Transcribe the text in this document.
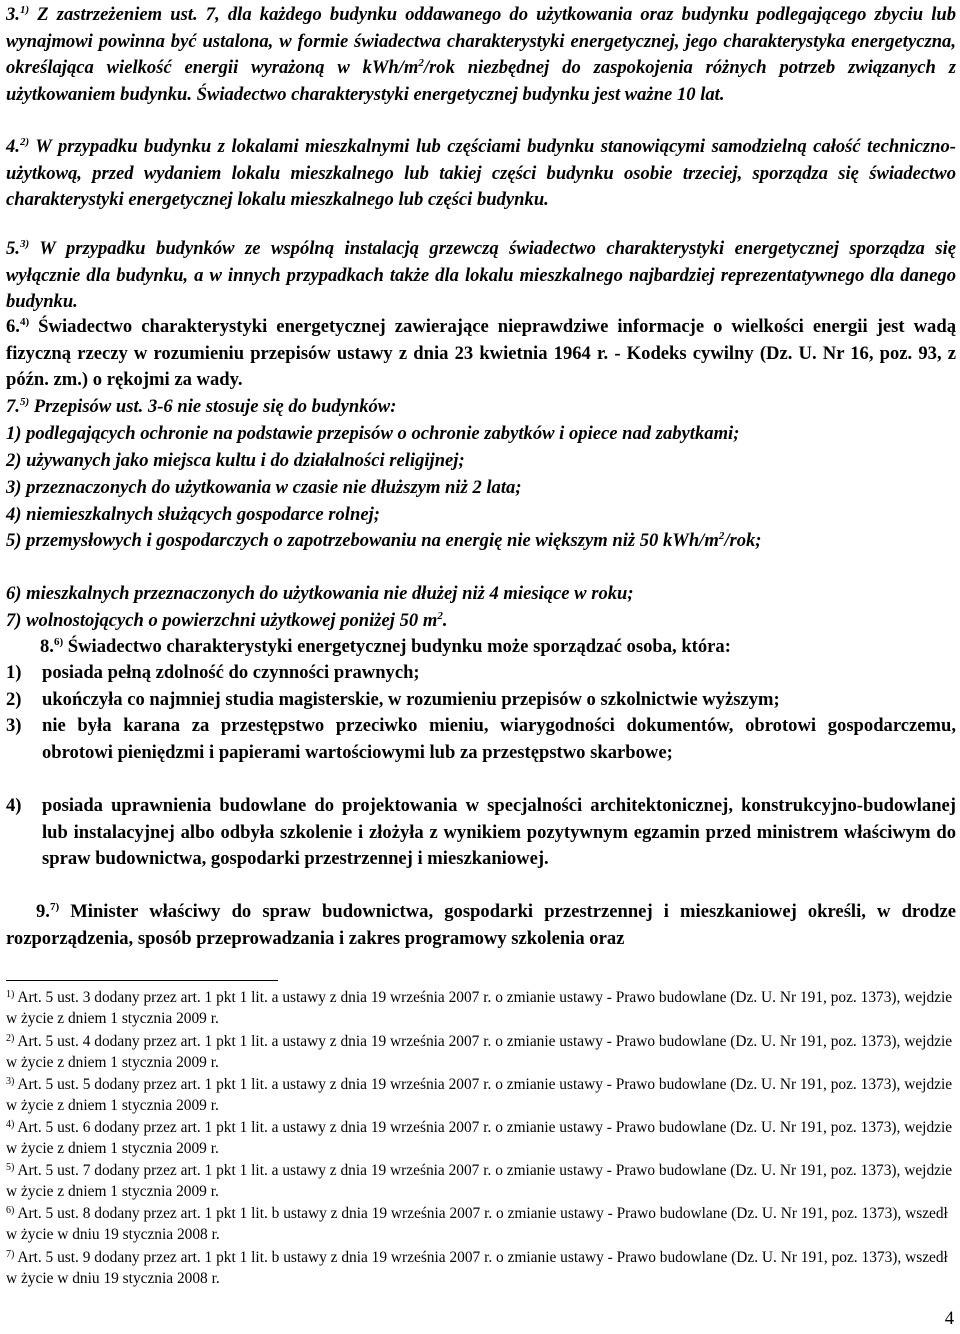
3.$^{1)}$ Z zastrzeżeniem ust. 7, dla każdego budynku oddawanego do użytkowania oraz budynku podlegającego zbyciu lub wynajmowi powinna być ustalona, w formie świadectwa charakterystyki energetycznej, jego charakterystyka energetyczna, określająca wielkość energii wyrażoną w kWh/$m^2$/rok niezbędnej do zaspokojenia różnych potrzeb związanych z użytkowaniem budynku. Świadectwo charakterystyki energetycznej budynku jest ważne 10 lat.

4.$^{2)}$ W przypadku budynku z lokalami mieszkalnymi lub częściami budynku stanowiącymi samodzielną całość techniczno-użytkową, przed wydaniem lokalu mieszkalnego lub takiej części budynku osobie trzeciej, sporządza się świadectwo charakterystyki energetycznej lokalu mieszkalnego lub części budynku.

5.$^{3)}$ W przypadku budynków ze wspólną instalacją grzewczą świadectwo charakterystyki energetycznej sporządza się wyłącznie dla budynku, a w innych przypadkach także dla lokalu mieszkalnego najbardziej reprezentatywnego dla danego budynku.

6.$^{4)}$ Świadectwo charakterystyki energetycznej zawierające nieprawdziwe informacje o wielkości energii jest wadą fizyczną rzeczy w rozumieniu przepisów ustawy z dnia 23 kwietnia 1964 r. - Kodeks cywilny (Dz. U. Nr 16, poz. 93, z późn. zm.) o rękojmi za wady.

7.$^{5)}$ Przepisów ust. 3-6 nie stosuje się do budynków:

1) podlegających ochronie na podstawie przepisów o ochronie zabytków i opiece nad zabytkami;

2) używanych jako miejsca kultu i do działalności religijnej;

3) przeznaczonych do użytkowania w czasie nie dłuższym niż 2 lata;

4) niemieszkalnych służących gospodarce rolnej;

5) przemysłowych i gospodarczych o zapotrzebowaniu na energię nie większym niż 50 kWh/$m^2$/rok;

6) mieszkalnych przeznaczonych do użytkowania nie dłużej niż 4 miesiące w roku;

7) wolnostojących o powierzchni użytkowej poniżej 50 $m^2$.

8.$^{6)}$ Świadectwo charakterystyki energetycznej budynku może sporządzać osoba, która:

1) posiada pełną zdolność do czynności prawnych;
2) ukończyła co najmniej studia magisterskie, w rozumieniu przepisów o szkolnictwie wyższym;
3) nie była karana za przestępstwo przeciwko mieniu, wiarygodności dokumentów, obrotowi gospodarczemu, obrotowi pieniędzmi i papierami wartościowymi lub za przestępstwo skarbowe;
4) posiada uprawnienia budowlane do projektowania w specjalności architektonicznej, konstrukcyjno-budowlanej lub instalacyjnej albo odbyła szkolenie i złożyła z wynikiem pozytywnym egzamin przed ministrem właściwym do spraw budownictwa, gospodarki przestrzennej i mieszkaniowej.

9.$^{7)}$ Minister właściwy do spraw budownictwa, gospodarki przestrzennej i mieszkaniowej określi, w drodze rozporządzenia, sposób przeprowadzania i zakres programowy szkolenia oraz

$^{1)}$ Art. 5 ust. 3 dodany przez art. 1 pkt 1 lit. a ustawy z dnia 19 września 2007 r. o zmianie ustawy - Prawo budowlane (Dz. U. Nr 191, poz. 1373), wejdzie w życie z dniem 1 stycznia 2009 r.
$^{2)}$ Art. 5 ust. 4 dodany przez art. 1 pkt 1 lit. a ustawy z dnia 19 września 2007 r. o zmianie ustawy - Prawo budowlane (Dz. U. Nr 191, poz. 1373), wejdzie w życie z dniem 1 stycznia 2009 r.
$^{3)}$ Art. 5 ust. 5 dodany przez art. 1 pkt 1 lit. a ustawy z dnia 19 września 2007 r. o zmianie ustawy - Prawo budowlane (Dz. U. Nr 191, poz. 1373), wejdzie w życie z dniem 1 stycznia 2009 r.
$^{4)}$ Art. 5 ust. 6 dodany przez art. 1 pkt 1 lit. a ustawy z dnia 19 września 2007 r. o zmianie ustawy - Prawo budowlane (Dz. U. Nr 191, poz. 1373), wejdzie w życie z dniem 1 stycznia 2009 r.
$^{5)}$ Art. 5 ust. 7 dodany przez art. 1 pkt 1 lit. a ustawy z dnia 19 września 2007 r. o zmianie ustawy - Prawo budowlane (Dz. U. Nr 191, poz. 1373), wejdzie w życie z dniem 1 stycznia 2009 r.
$^{6)}$ Art. 5 ust. 8 dodany przez art. 1 pkt 1 lit. b ustawy z dnia 19 września 2007 r. o zmianie ustawy - Prawo budowlane (Dz. U. Nr 191, poz. 1373), wszedł w życie w dniu 19 stycznia 2008 r.
$^{7)}$ Art. 5 ust. 9 dodany przez art. 1 pkt 1 lit. b ustawy z dnia 19 września 2007 r. o zmianie ustawy - Prawo budowlane (Dz. U. Nr 191, poz. 1373), wszedł w życie w dniu 19 stycznia 2008 r.
4
